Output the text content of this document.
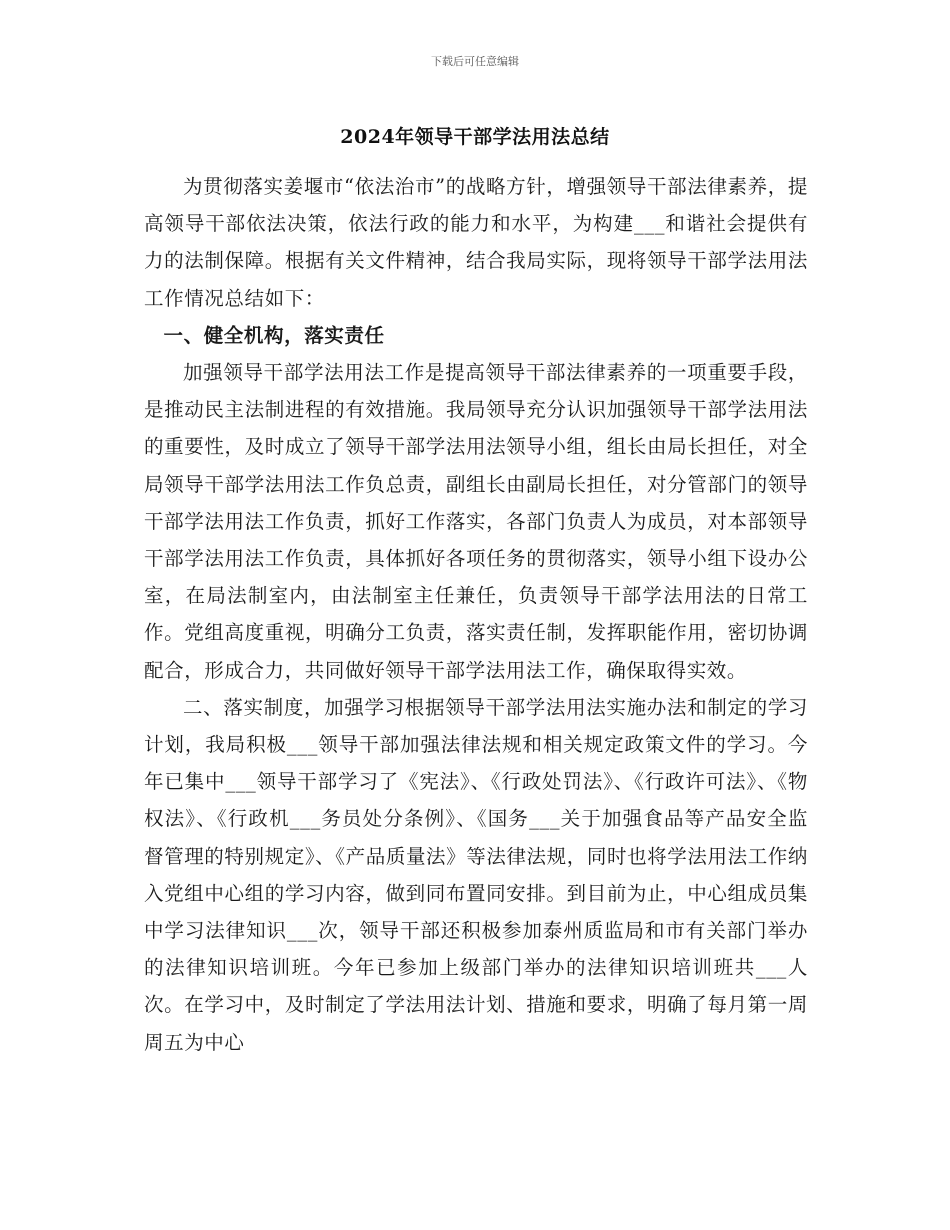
下载后可任意编辑
2024年领导干部学法用法总结

为贯彻落实姜堰市“依法治市”的战略方针，增强领导干部法律素养，提高领导干部依法决策，依法行政的能力和水平，为构建___和谐社会提供有力的法制保障。根据有关文件精神，结合我局实际，现将领导干部学法用法工作情况总结如下：

一、健全机构，落实责任

加强领导干部学法用法工作是提高领导干部法律素养的一项重要手段，是推动民主法制进程的有效措施。我局领导充分认识加强领导干部学法用法的重要性，及时成立了领导干部学法用法领导小组，组长由局长担任，对全局领导干部学法用法工作负总责，副组长由副局长担任，对分管部门的领导干部学法用法工作负责，抓好工作落实，各部门负责人为成员，对本部领导干部学法用法工作负责，具体抓好各项任务的贯彻落实，领导小组下设办公室，在局法制室内，由法制室主任兼任，负责领导干部学法用法的日常工作。党组高度重视，明确分工负责，落实责任制，发挥职能作用，密切协调配合，形成合力，共同做好领导干部学法用法工作，确保取得实效。

二、落实制度，加强学习根据领导干部学法用法实施办法和制定的学习计划，我局积极___领导干部加强法律法规和相关规定政策文件的学习。今年已集中___领导干部学习了《宪法》、《行政处罚法》、《行政许可法》、《物权法》、《行政机___务员处分条例》、《国务___关于加强食品等产品安全监督管理的特别规定》、《产品质量法》等法律法规，同时也将学法用法工作纳入党组中心组的学习内容，做到同布置同安排。到目前为止，中心组成员集中学习法律知识___次，领导干部还积极参加泰州质监局和市有关部门举办的法律知识培训班。今年已参加上级部门举办的法律知识培训班共___人次。在学习中，及时制定了学法用法计划、措施和要求，明确了每月第一周周五为中心
